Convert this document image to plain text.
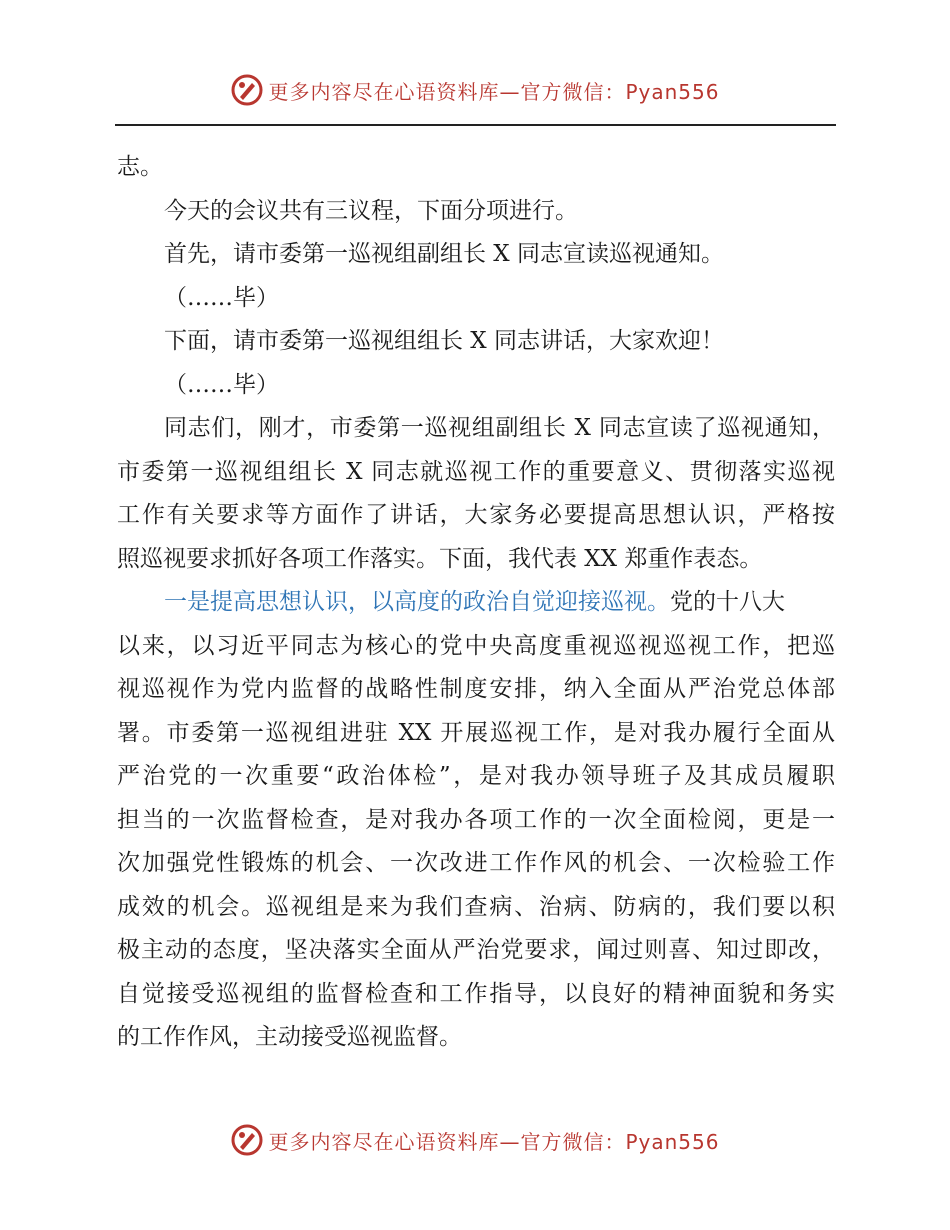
更多内容尽在心语资料库—官方微信：Pyan556
志。
今天的会议共有三议程，下面分项进行。
首先，请市委第一巡视组副组长 X 同志宣读巡视通知。
（……毕）
下面，请市委第一巡视组组长 X 同志讲话，大家欢迎！
（……毕）
同志们，刚才，市委第一巡视组副组长 X 同志宣读了巡视通知，
市委第一巡视组组长 X 同志就巡视工作的重要意义、贯彻落实巡视
工作有关要求等方面作了讲话，大家务必要提高思想认识，严格按
照巡视要求抓好各项工作落实。下面，我代表 XX 郑重作表态。
一是提高思想认识，以高度的政治自觉迎接巡视。党的十八大
以来，以习近平同志为核心的党中央高度重视巡视巡视工作，把巡
视巡视作为党内监督的战略性制度安排，纳入全面从严治党总体部
署。市委第一巡视组进驻 XX 开展巡视工作，是对我办履行全面从
严治党的一次重要“政治体检”，是对我办领导班子及其成员履职
担当的一次监督检查，是对我办各项工作的一次全面检阅，更是一
次加强党性锻炼的机会、一次改进工作作风的机会、一次检验工作
成效的机会。巡视组是来为我们查病、治病、防病的，我们要以积
极主动的态度，坚决落实全面从严治党要求，闻过则喜、知过即改，
自觉接受巡视组的监督检查和工作指导，以良好的精神面貌和务实
的工作作风，主动接受巡视监督。
更多内容尽在心语资料库—官方微信：Pyan556
